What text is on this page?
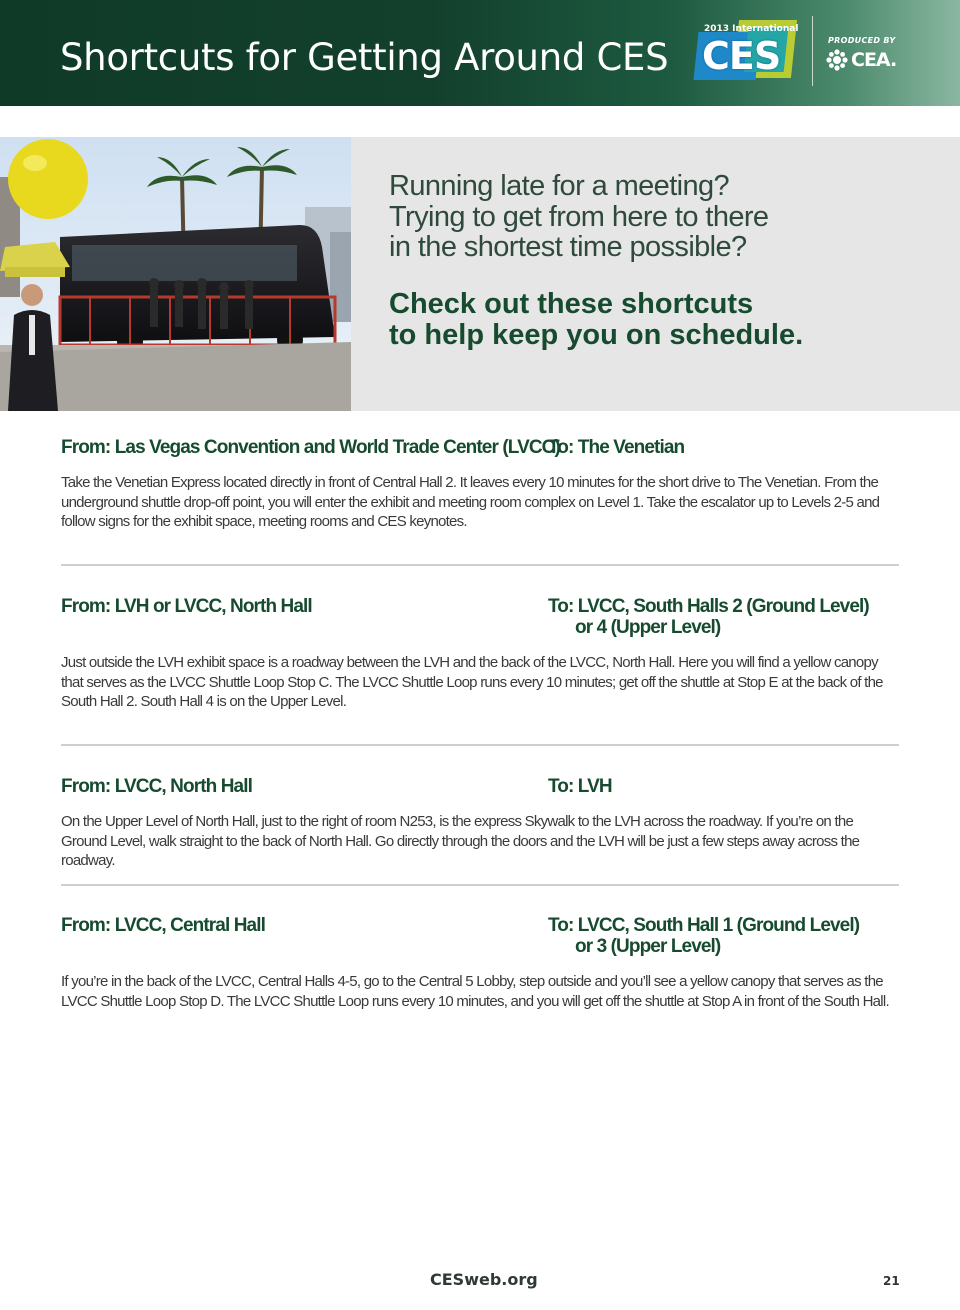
Shortcuts for Getting Around CES
2013 International
CES	PRODUCED BY
CEA.
Running late for a meeting?
Trying to get from here to there
in the shortest time possible?
Check out these shortcuts
to help keep you on schedule.
From: Las Vegas Convention and World Trade Center (LVCC)
To: The Venetian
Take the Venetian Express located directly in front of Central Hall 2. It leaves every 10 minutes for the short drive to The Venetian. From the underground shuttle drop-off point, you will enter the exhibit and meeting room complex on Level 1. Take the escalator up to Levels 2-5 and follow signs for the exhibit space, meeting rooms and CES keynotes.
From: LVH or LVCC, North Hall	To: LVCC, South Halls 2 (Ground Level)
or 4 (Upper Level)
Just outside the LVH exhibit space is a roadway between the LVH and the back of the LVCC, North Hall. Here you will find a yellow canopy that serves as the LVCC Shuttle Loop Stop C. The LVCC Shuttle Loop runs every 10 minutes; get off the shuttle at Stop E at the back of the South Hall 2. South Hall 4 is on the Upper Level.
From: LVCC, North Hall	To: LVH
On the Upper Level of North Hall, just to the right of room N253, is the express Skywalk to the LVH across the roadway. If you’re on the Ground Level, walk straight to the back of North Hall. Go directly through the doors and the LVH will be just a few steps away across the roadway.
From: LVCC, Central Hall	To: LVCC, South Hall 1 (Ground Level)
or 3 (Upper Level)
If you’re in the back of the LVCC, Central Halls 4-5, go to the Central 5 Lobby, step outside and you’ll see a yellow canopy that serves as the LVCC Shuttle Loop Stop D. The LVCC Shuttle Loop runs every 10 minutes, and you will get off the shuttle at Stop A in front of the South Hall.
CESweb.org	21
